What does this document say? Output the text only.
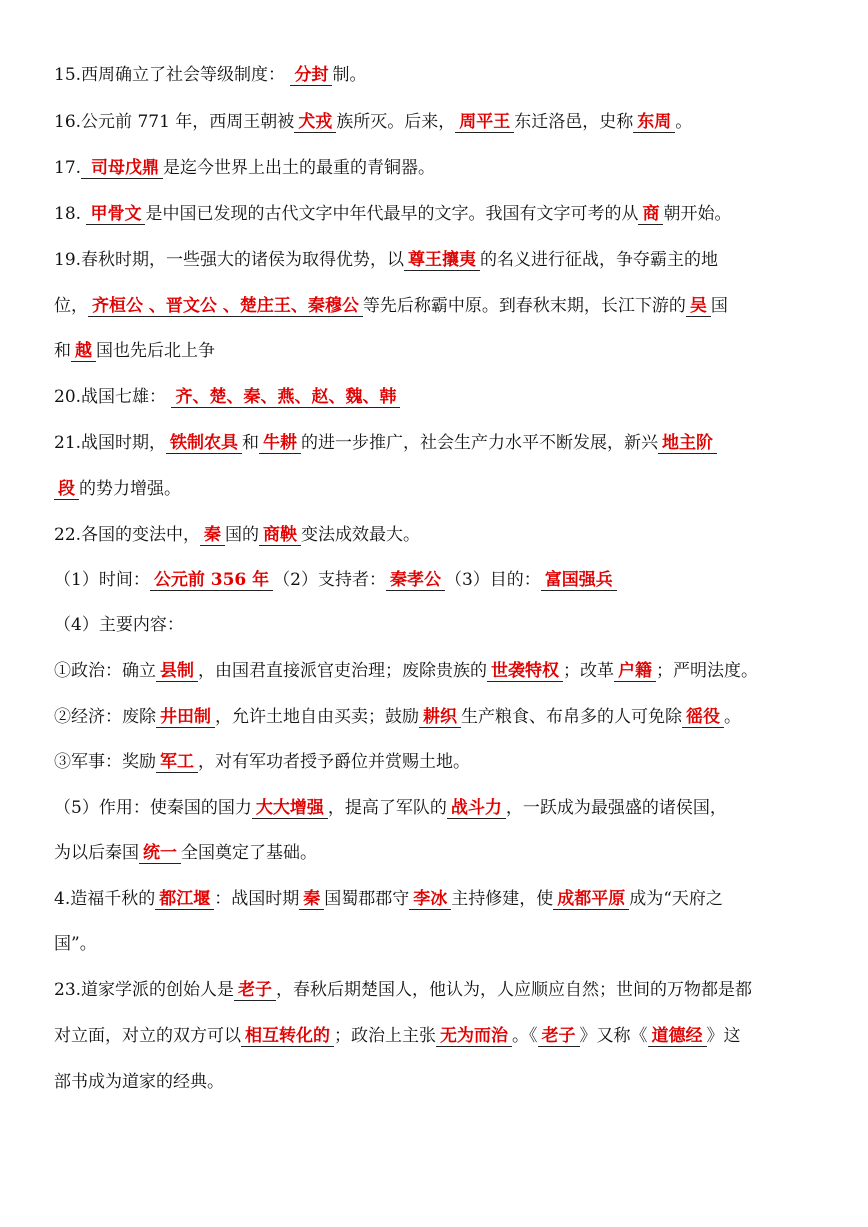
15.西周确立了社会等级制度： 分封 制。
16.公元前 771 年，西周王朝被 犬戎 族所灭。后来， 周平王 东迁洛邑，史称 东周 。
17. 司母戊鼎 是迄今世界上出土的最重的青铜器。
18. 甲骨文 是中国已发现的古代文字中年代最早的文字。我国有文字可考的从 商 朝开始。
19.春秋时期，一些强大的诸侯为取得优势，以 尊王攘夷 的名义进行征战，争夺霸主的地
位， 齐桓公 、晋文公 、楚庄王、秦穆公 等先后称霸中原。到春秋末期，长江下游的 吴 国
和 越 国也先后北上争
20.战国七雄： 齐、楚、秦、燕、赵、魏、韩
21.战国时期， 铁制农具 和 牛耕 的进一步推广，社会生产力水平不断发展，新兴 地主阶
段 的势力增强。
22.各国的变法中， 秦 国的 商鞅 变法成效最大。
（1）时间： 公元前 356 年 （2）支持者： 秦孝公 （3）目的： 富国强兵
（4）主要内容：
①政治：确立 县制 ，由国君直接派官吏治理；废除贵族的 世袭特权 ；改革 户籍 ；严明法度。
②经济：废除 井田制 ，允许土地自由买卖；鼓励 耕织 生产粮食、布帛多的人可免除 徭役 。
③军事：奖励 军工 ，对有军功者授予爵位并赏赐土地。
（5）作用：使秦国的国力 大大增强 ，提高了军队的 战斗力 ，一跃成为最强盛的诸侯国，
为以后秦国 统一 全国奠定了基础。
4.造福千秋的 都江堰 ：战国时期 秦 国蜀郡郡守 李冰 主持修建，使 成都平原 成为“天府之
国”。
23.道家学派的创始人是 老子 ，春秋后期楚国人，他认为，人应顺应自然；世间的万物都是都
对立面，对立的双方可以 相互转化的 ；政治上主张 无为而治 。《 老子 》又称《 道德经 》这
部书成为道家的经典。
